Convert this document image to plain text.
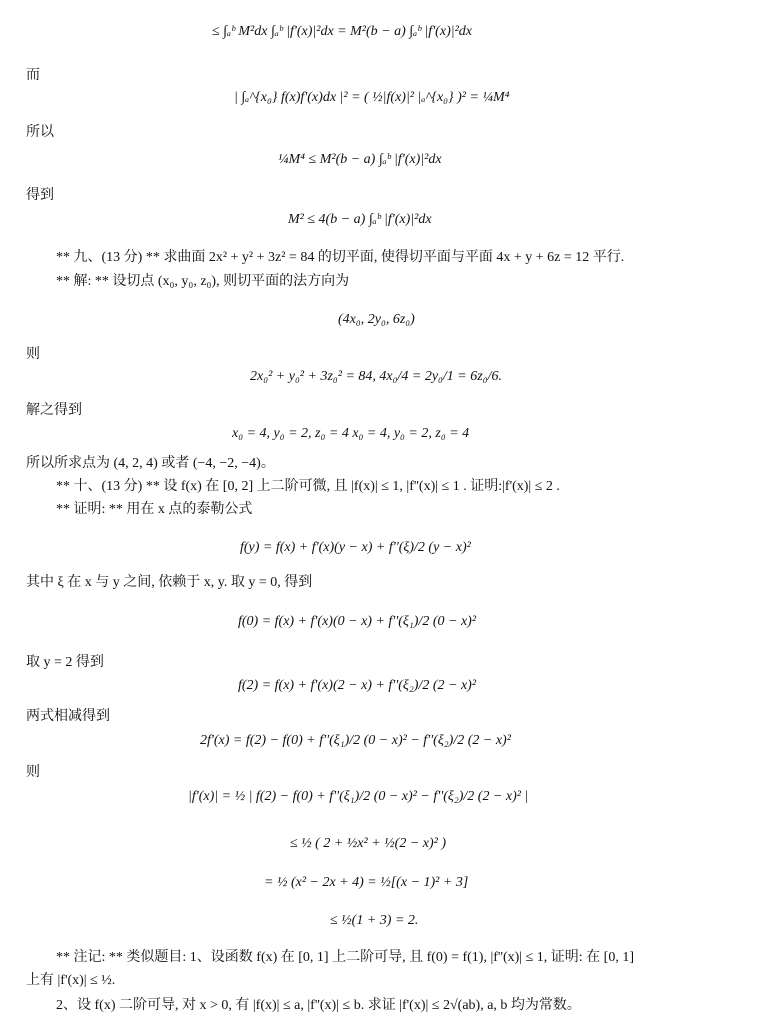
≤ ∫ₐᵇ M²dx ∫ₐᵇ |f'(x)|²dx = M²(b − a) ∫ₐᵇ |f'(x)|²dx
而
| ∫ₐ^{x₀} f(x)f'(x)dx |² = ( ½|f(x)|² |ₐ^{x₀} )² = ¼M⁴
所以
¼M⁴ ≤ M²(b − a) ∫ₐᵇ |f'(x)|²dx
得到
M² ≤ 4(b − a) ∫ₐᵇ |f'(x)|²dx
** 九、(13 分) ** 求曲面 2x² + y² + 3z² = 84 的切平面, 使得切平面与平面 4x + y + 6z = 12 平行.
** 解: ** 设切点 (x₀, y₀, z₀), 则切平面的法方向为
(4x₀, 2y₀, 6z₀)
则
2x₀² + y₀² + 3z₀² = 84, 4x₀/4 = 2y₀/1 = 6z₀/6.
解之得到
x₀ = 4, y₀ = 2, z₀ = 4 x₀ = 4, y₀ = 2, z₀ = 4
所以所求点为 (4, 2, 4) 或者 (−4, −2, −4)。
** 十、(13 分) ** 设 f(x) 在 [0, 2] 上二阶可微, 且 |f(x)| ≤ 1, |f''(x)| ≤ 1 . 证明:|f'(x)| ≤ 2 .
** 证明: ** 用在 x 点的泰勒公式
f(y) = f(x) + f'(x)(y − x) + f''(ξ)/2 (y − x)²
其中 ξ 在 x 与 y 之间, 依赖于 x, y. 取 y = 0, 得到
f(0) = f(x) + f'(x)(0 − x) + f''(ξ₁)/2 (0 − x)²
取 y = 2 得到
f(2) = f(x) + f'(x)(2 − x) + f''(ξ₂)/2 (2 − x)²
两式相减得到
2f'(x) = f(2) − f(0) + f''(ξ₁)/2 (0 − x)² − f''(ξ₂)/2 (2 − x)²
则
|f'(x)| = ½ | f(2) − f(0) + f''(ξ₁)/2 (0 − x)² − f''(ξ₂)/2 (2 − x)² |
≤ ½ ( 2 + ½x² + ½(2 − x)² )
= ½ (x² − 2x + 4) = ½[(x − 1)² + 3]
≤ ½(1 + 3) = 2.
** 注记: ** 类似题目: 1、设函数 f(x) 在 [0, 1] 上二阶可导, 且 f(0) = f(1), |f''(x)| ≤ 1, 证明: 在 [0, 1]
上有 |f'(x)| ≤ ½.
2、设 f(x) 二阶可导, 对 x > 0, 有 |f(x)| ≤ a, |f''(x)| ≤ b. 求证 |f'(x)| ≤ 2√(ab), a, b 均为常数。
